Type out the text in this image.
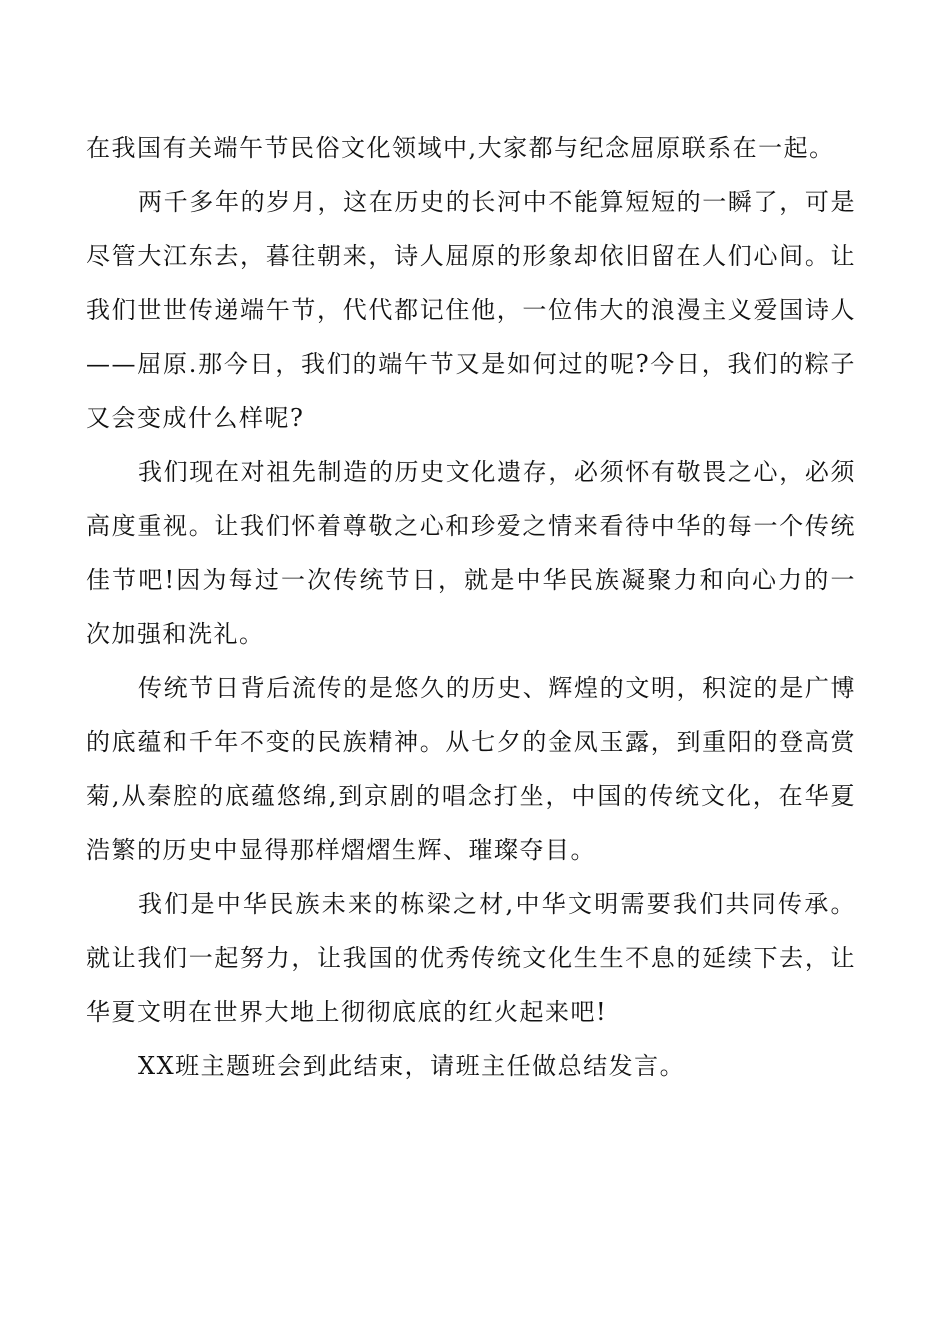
在我国有关端午节民俗文化领域中,大家都与纪念屈原联系在一起。

两千多年的岁月，这在历史的长河中不能算短短的一瞬了，可是尽管大江东去，暮往朝来，诗人屈原的形象却依旧留在人们心间。让我们世世传递端午节，代代都记住他，一位伟大的浪漫主义爱国诗人——屈原.那今日，我们的端午节又是如何过的呢?今日，我们的粽子又会变成什么样呢?

我们现在对祖先制造的历史文化遗存，必须怀有敬畏之心，必须高度重视。让我们怀着尊敬之心和珍爱之情来看待中华的每一个传统佳节吧!因为每过一次传统节日，就是中华民族凝聚力和向心力的一次加强和洗礼。

传统节日背后流传的是悠久的历史、辉煌的文明，积淀的是广博的底蕴和千年不变的民族精神。从七夕的金凤玉露，到重阳的登高赏菊,从秦腔的底蕴悠绵,到京剧的唱念打坐，中国的传统文化，在华夏浩繁的历史中显得那样熠熠生辉、璀璨夺目。

我们是中华民族未来的栋梁之材,中华文明需要我们共同传承。就让我们一起努力，让我国的优秀传统文化生生不息的延续下去，让华夏文明在世界大地上彻彻底底的红火起来吧!

XX班主题班会到此结束，请班主任做总结发言。
